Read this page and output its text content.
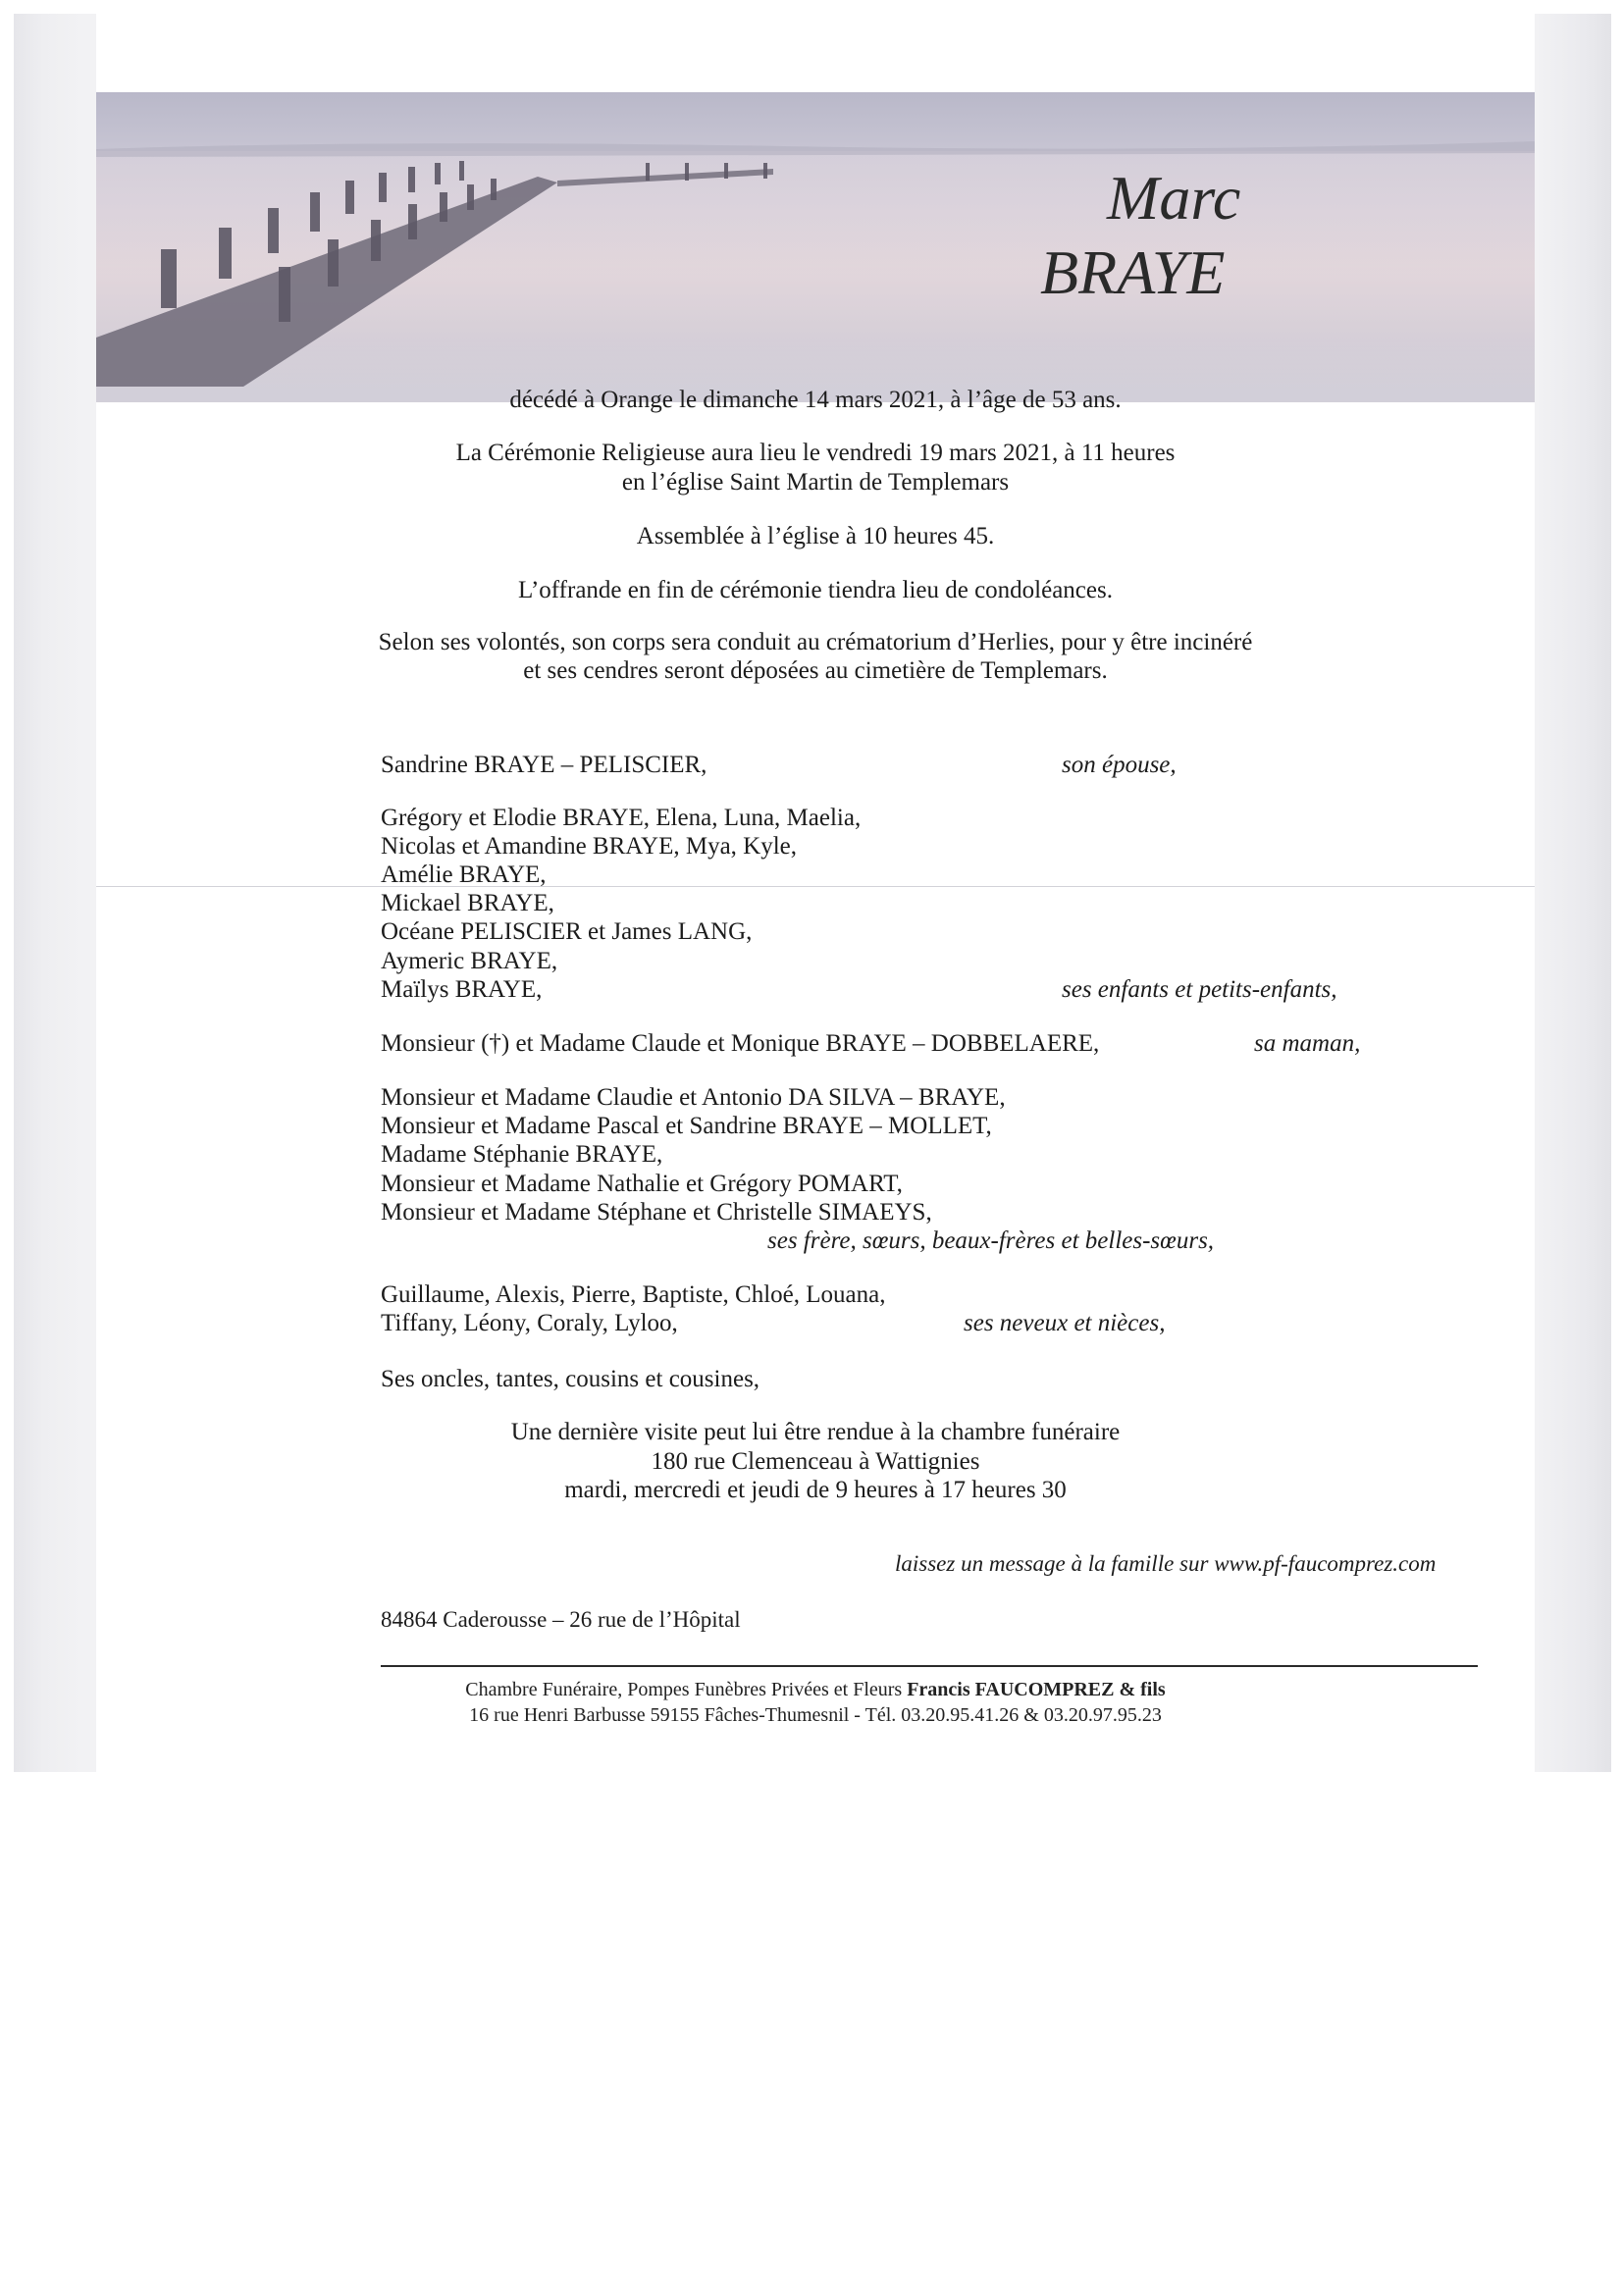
Marc
BRAYE
décédé à Orange le dimanche 14 mars 2021, à l’âge de 53 ans.
La Cérémonie Religieuse aura lieu le vendredi 19 mars 2021, à 11 heures
en l’église Saint Martin de Templemars
Assemblée à l’église à 10 heures 45.
L’offrande en fin de cérémonie tiendra lieu de condoléances.
Selon ses volontés, son corps sera conduit au crématorium d’Herlies, pour y être incinéré
et ses cendres seront déposées au cimetière de Templemars.
Sandrine BRAYE – PELISCIER,	son épouse,
Grégory et Elodie BRAYE, Elena, Luna, Maelia,
Nicolas et Amandine BRAYE, Mya, Kyle,
Amélie BRAYE,
Mickael BRAYE,
Océane PELISCIER et James LANG,
Aymeric BRAYE,
Maïlys BRAYE,	ses enfants et petits-enfants,
Monsieur (†) et Madame Claude et Monique BRAYE – DOBBELAERE,	sa maman,
Monsieur et Madame Claudie et Antonio DA SILVA – BRAYE,
Monsieur et Madame Pascal et Sandrine BRAYE – MOLLET,
Madame Stéphanie BRAYE,
Monsieur et Madame Nathalie et Grégory POMART,
Monsieur et Madame Stéphane et Christelle SIMAEYS,
ses frère, sœurs, beaux-frères et belles-sœurs,
Guillaume, Alexis, Pierre, Baptiste, Chloé, Louana,
Tiffany, Léony, Coraly, Lyloo,	ses neveux et nièces,
Ses oncles, tantes, cousins et cousines,
Une dernière visite peut lui être rendue à la chambre funéraire
180 rue Clemenceau à Wattignies
mardi, mercredi et jeudi de 9 heures à 17 heures 30
laissez un message à la famille sur www.pf-faucomprez.com
84864 Caderousse – 26 rue de l’Hôpital
Chambre Funéraire, Pompes Funèbres Privées et Fleurs Francis FAUCOMPREZ & fils
16 rue Henri Barbusse 59155 Fâches-Thumesnil - Tél. 03.20.95.41.26 & 03.20.97.95.23
